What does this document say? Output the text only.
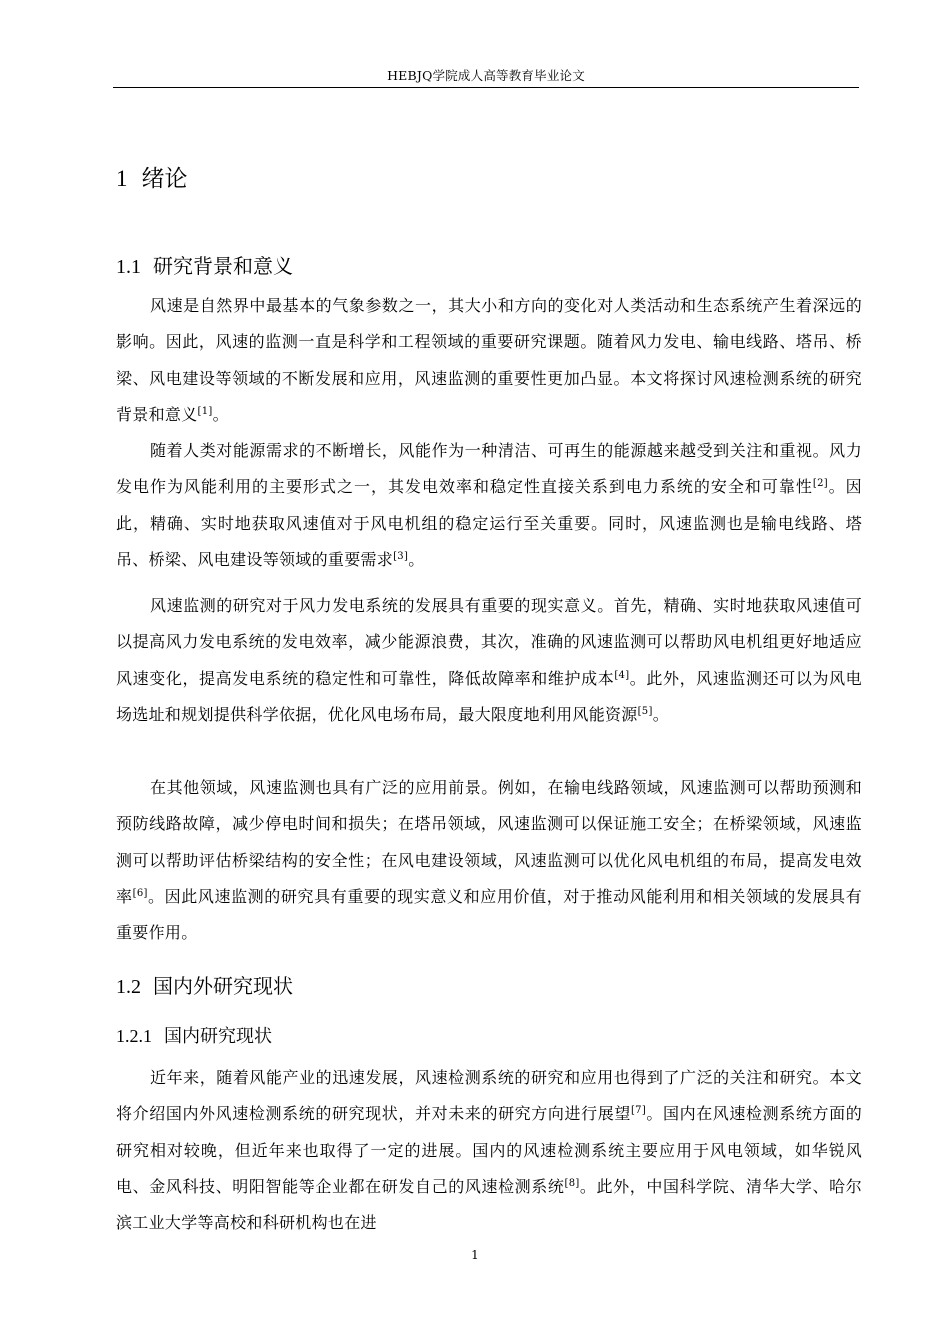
HEBJQ学院成人高等教育毕业论文
1 绪论
1.1 研究背景和意义

风速是自然界中最基本的气象参数之一，其大小和方向的变化对人类活动和生态系统产生着深远的影响。因此，风速的监测一直是科学和工程领域的重要研究课题。随着风力发电、输电线路、塔吊、桥梁、风电建设等领域的不断发展和应用，风速监测的重要性更加凸显。本文将探讨风速检测系统的研究背景和意义[1]。

随着人类对能源需求的不断增长，风能作为一种清洁、可再生的能源越来越受到关注和重视。风力发电作为风能利用的主要形式之一，其发电效率和稳定性直接关系到电力系统的安全和可靠性[2]。因此，精确、实时地获取风速值对于风电机组的稳定运行至关重要。同时，风速监测也是输电线路、塔吊、桥梁、风电建设等领域的重要需求[3]。

风速监测的研究对于风力发电系统的发展具有重要的现实意义。首先，精确、实时地获取风速值可以提高风力发电系统的发电效率，减少能源浪费，其次，准确的风速监测可以帮助风电机组更好地适应风速变化，提高发电系统的稳定性和可靠性，降低故障率和维护成本[4]。此外，风速监测还可以为风电场选址和规划提供科学依据，优化风电场布局，最大限度地利用风能资源[5]。

在其他领域，风速监测也具有广泛的应用前景。例如，在输电线路领域，风速监测可以帮助预测和预防线路故障，减少停电时间和损失；在塔吊领域，风速监测可以保证施工安全；在桥梁领域，风速监测可以帮助评估桥梁结构的安全性；在风电建设领域，风速监测可以优化风电机组的布局，提高发电效率[6]。因此风速监测的研究具有重要的现实意义和应用价值，对于推动风能利用和相关领域的发展具有重要作用。

1.2 国内外研究现状
1.2.1 国内研究现状

近年来，随着风能产业的迅速发展，风速检测系统的研究和应用也得到了广泛的关注和研究。本文将介绍国内外风速检测系统的研究现状，并对未来的研究方向进行展望[7]。国内在风速检测系统方面的研究相对较晚，但近年来也取得了一定的进展。国内的风速检测系统主要应用于风电领域，如华锐风电、金风科技、明阳智能等企业都在研发自己的风速检测系统[8]。此外，中国科学院、清华大学、哈尔滨工业大学等高校和科研机构也在进

1
